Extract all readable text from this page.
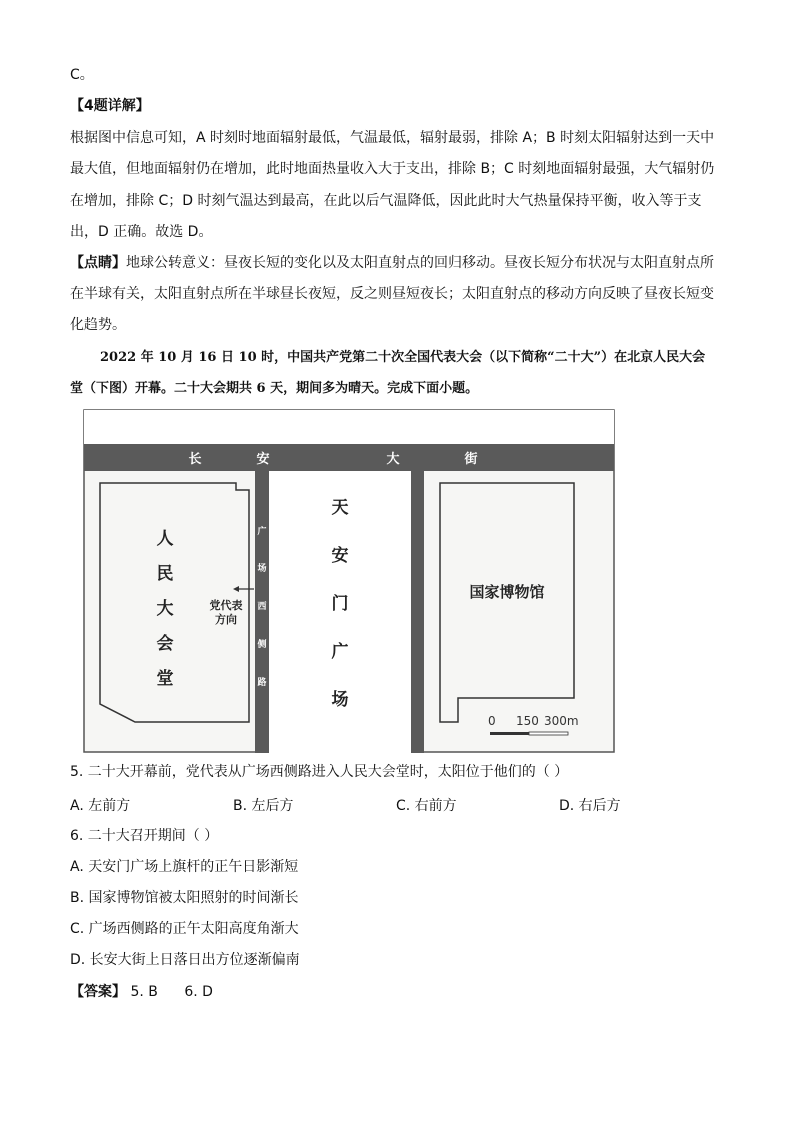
C。
【4题详解】
根据图中信息可知，A 时刻时地面辐射最低，气温最低，辐射最弱，排除 A；B 时刻太阳辐射达到一天中
最大值，但地面辐射仍在增加，此时地面热量收入大于支出，排除 B；C 时刻地面辐射最强，大气辐射仍
在增加，排除 C；D 时刻气温达到最高，在此以后气温降低，因此此时大气热量保持平衡，收入等于支
出，D 正确。故选 D。
【点睛】地球公转意义：昼夜长短的变化以及太阳直射点的回归移动。昼夜长短分布状况与太阳直射点所
在半球有关，太阳直射点所在半球昼长夜短，反之则昼短夜长；太阳直射点的移动方向反映了昼夜长短变
化趋势。
2022 年 10 月 16 日 10 时，中国共产党第二十次全国代表大会（以下简称“二十大”）在北京人民大会
堂（下图）开幕。二十大会期共 6 天，期间多为晴天。完成下面小题。
长	安	大	街
人
民
大
会
堂
天
安
门
广
场
广
场
西
侧
路
党代表
方向
国家博物馆
0 150 300m
5. 二十大开幕前，党代表从广场西侧路进入人民大会堂时，太阳位于他们的（ ）
A. 左前方	B. 左后方	C. 右前方	D. 右后方
6. 二十大召开期间（ ）
A. 天安门广场上旗杆的正午日影渐短
B. 国家博物馆被太阳照射的时间渐长
C. 广场西侧路的正午太阳高度角渐大
D. 长安大街上日落日出方位逐渐偏南
【答案】 5. B 6. D
